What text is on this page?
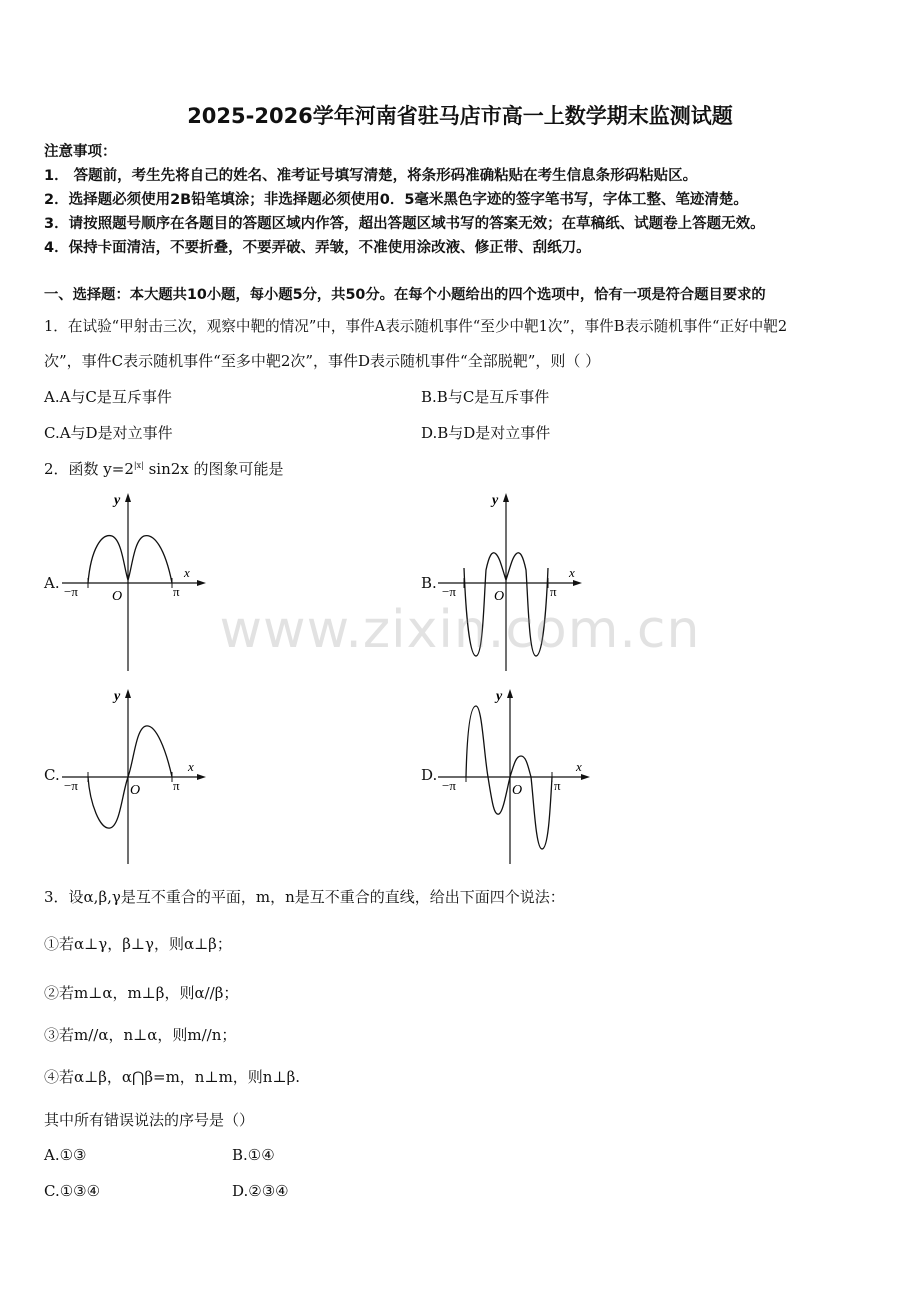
2025-2026学年河南省驻马店市高一上数学期末监测试题
注意事项：
1． 答题前，考生先将自己的姓名、准考证号填写清楚，将条形码准确粘贴在考生信息条形码粘贴区。
2．选择题必须使用2B铅笔填涂；非选择题必须使用0．5毫米黑色字迹的签字笔书写，字体工整、笔迹清楚。
3．请按照题号顺序在各题目的答题区域内作答，超出答题区域书写的答案无效；在草稿纸、试题卷上答题无效。
4．保持卡面清洁，不要折叠，不要弄破、弄皱，不准使用涂改液、修正带、刮纸刀。
一、选择题：本大题共10小题，每小题5分，共50分。在每个小题给出的四个选项中，恰有一项是符合题目要求的
1．在试验“甲射击三次，观察中靶的情况”中，事件A表示随机事件“至少中靶1次”，事件B表示随机事件“正好中靶2
次”，事件C表示随机事件“至多中靶2次”，事件D表示随机事件“全部脱靶”，则（ ）
A.A与C是互斥事件	B.B与C是互斥事件
C.A与D是对立事件	D.B与D是对立事件
2．函数 $y=2^{|x|}$ sin2x 的图象可能是
A.
y
x
O
−π	π	B.
y
x
O
−π	π
C.
y
x
O
−π	π
D.
y
x
O
−π	π
3．设α,β,γ是互不重合的平面，m，n是互不重合的直线，给出下面四个说法：
①若α⊥γ，β⊥γ，则α⊥β；
②若m⊥α，m⊥β，则α//β；
③若m//α，n⊥α，则m//n；
④若α⊥β，α⋂β=m，n⊥m，则n⊥β.
其中所有错误说法的序号是（）
A.①③	B.①④
C.①③④	D.②③④
www.zixin.com.cn
